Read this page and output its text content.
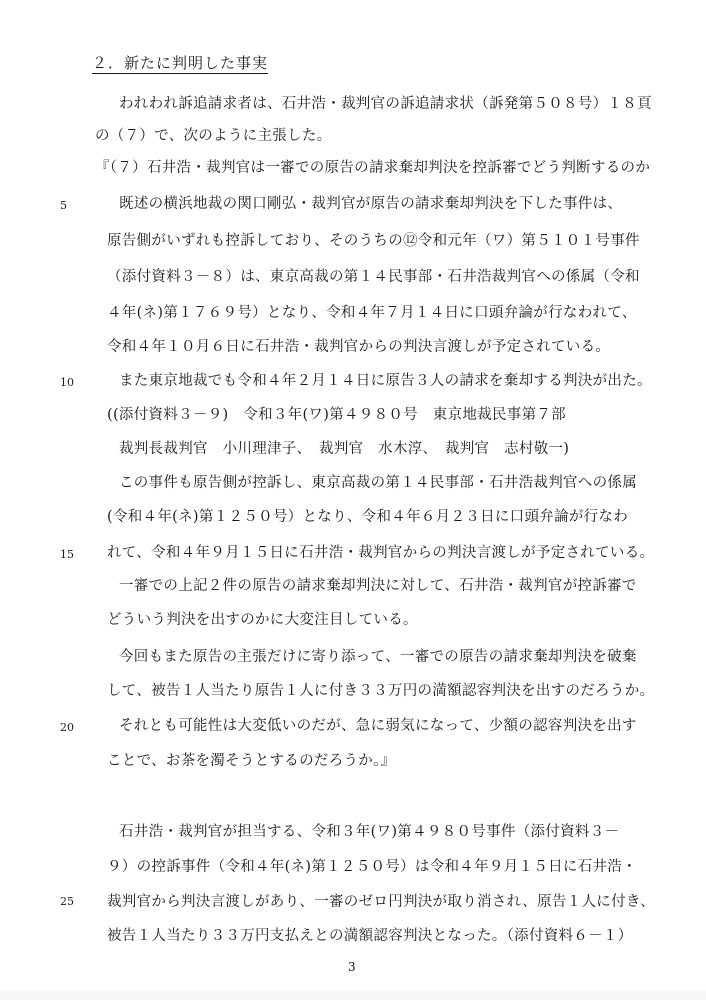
２．新たに判明した事実
われわれ訴追請求者は、石井浩・裁判官の訴追請求状（訴発第５０８号）１８頁
の（７）で、次のように主張した。
『（７）石井浩・裁判官は一審での原告の請求棄却判決を控訴審でどう判断するのか
既述の横浜地裁の関口剛弘・裁判官が原告の請求棄却判決を下した事件は、
原告側がいずれも控訴しており、そのうちの⑫令和元年（ワ）第５１０１号事件
（添付資料３－８）は、東京高裁の第１４民事部・石井浩裁判官への係属（令和
４年(ネ)第１７６９号）となり、令和４年７月１４日に口頭弁論が行なわれて、
令和４年１０月６日に石井浩・裁判官からの判決言渡しが予定されている。
また東京地裁でも令和４年２月１４日に原告３人の請求を棄却する判決が出た。
((添付資料３－９)　令和３年(ワ)第４９８０号　東京地裁民事第７部
裁判長裁判官　小川理津子、　裁判官　水木淳、　裁判官　志村敬一)
この事件も原告側が控訴し、東京高裁の第１４民事部・石井浩裁判官への係属
(令和４年(ネ)第１２５０号）となり、令和４年６月２３日に口頭弁論が行なわ
れて、令和４年９月１５日に石井浩・裁判官からの判決言渡しが予定されている。
一審での上記２件の原告の請求棄却判決に対して、石井浩・裁判官が控訴審で
どういう判決を出すのかに大変注目している。
今回もまた原告の主張だけに寄り添って、一審での原告の請求棄却判決を破棄
して、被告１人当たり原告１人に付き３３万円の満額認容判決を出すのだろうか。
それとも可能性は大変低いのだが、急に弱気になって、少額の認容判決を出す
ことで、お茶を濁そうとするのだろうか。』
石井浩・裁判官が担当する、令和３年(ワ)第４９８０号事件（添付資料３－
９）の控訴事件（令和４年(ネ)第１２５０号）は令和４年９月１５日に石井浩・
裁判官から判決言渡しがあり、一審のゼロ円判決が取り消され、原告１人に付き、
被告１人当たり３３万円支払えとの満額認容判決となった。（添付資料６－１）
5
10
15
20
25
3
